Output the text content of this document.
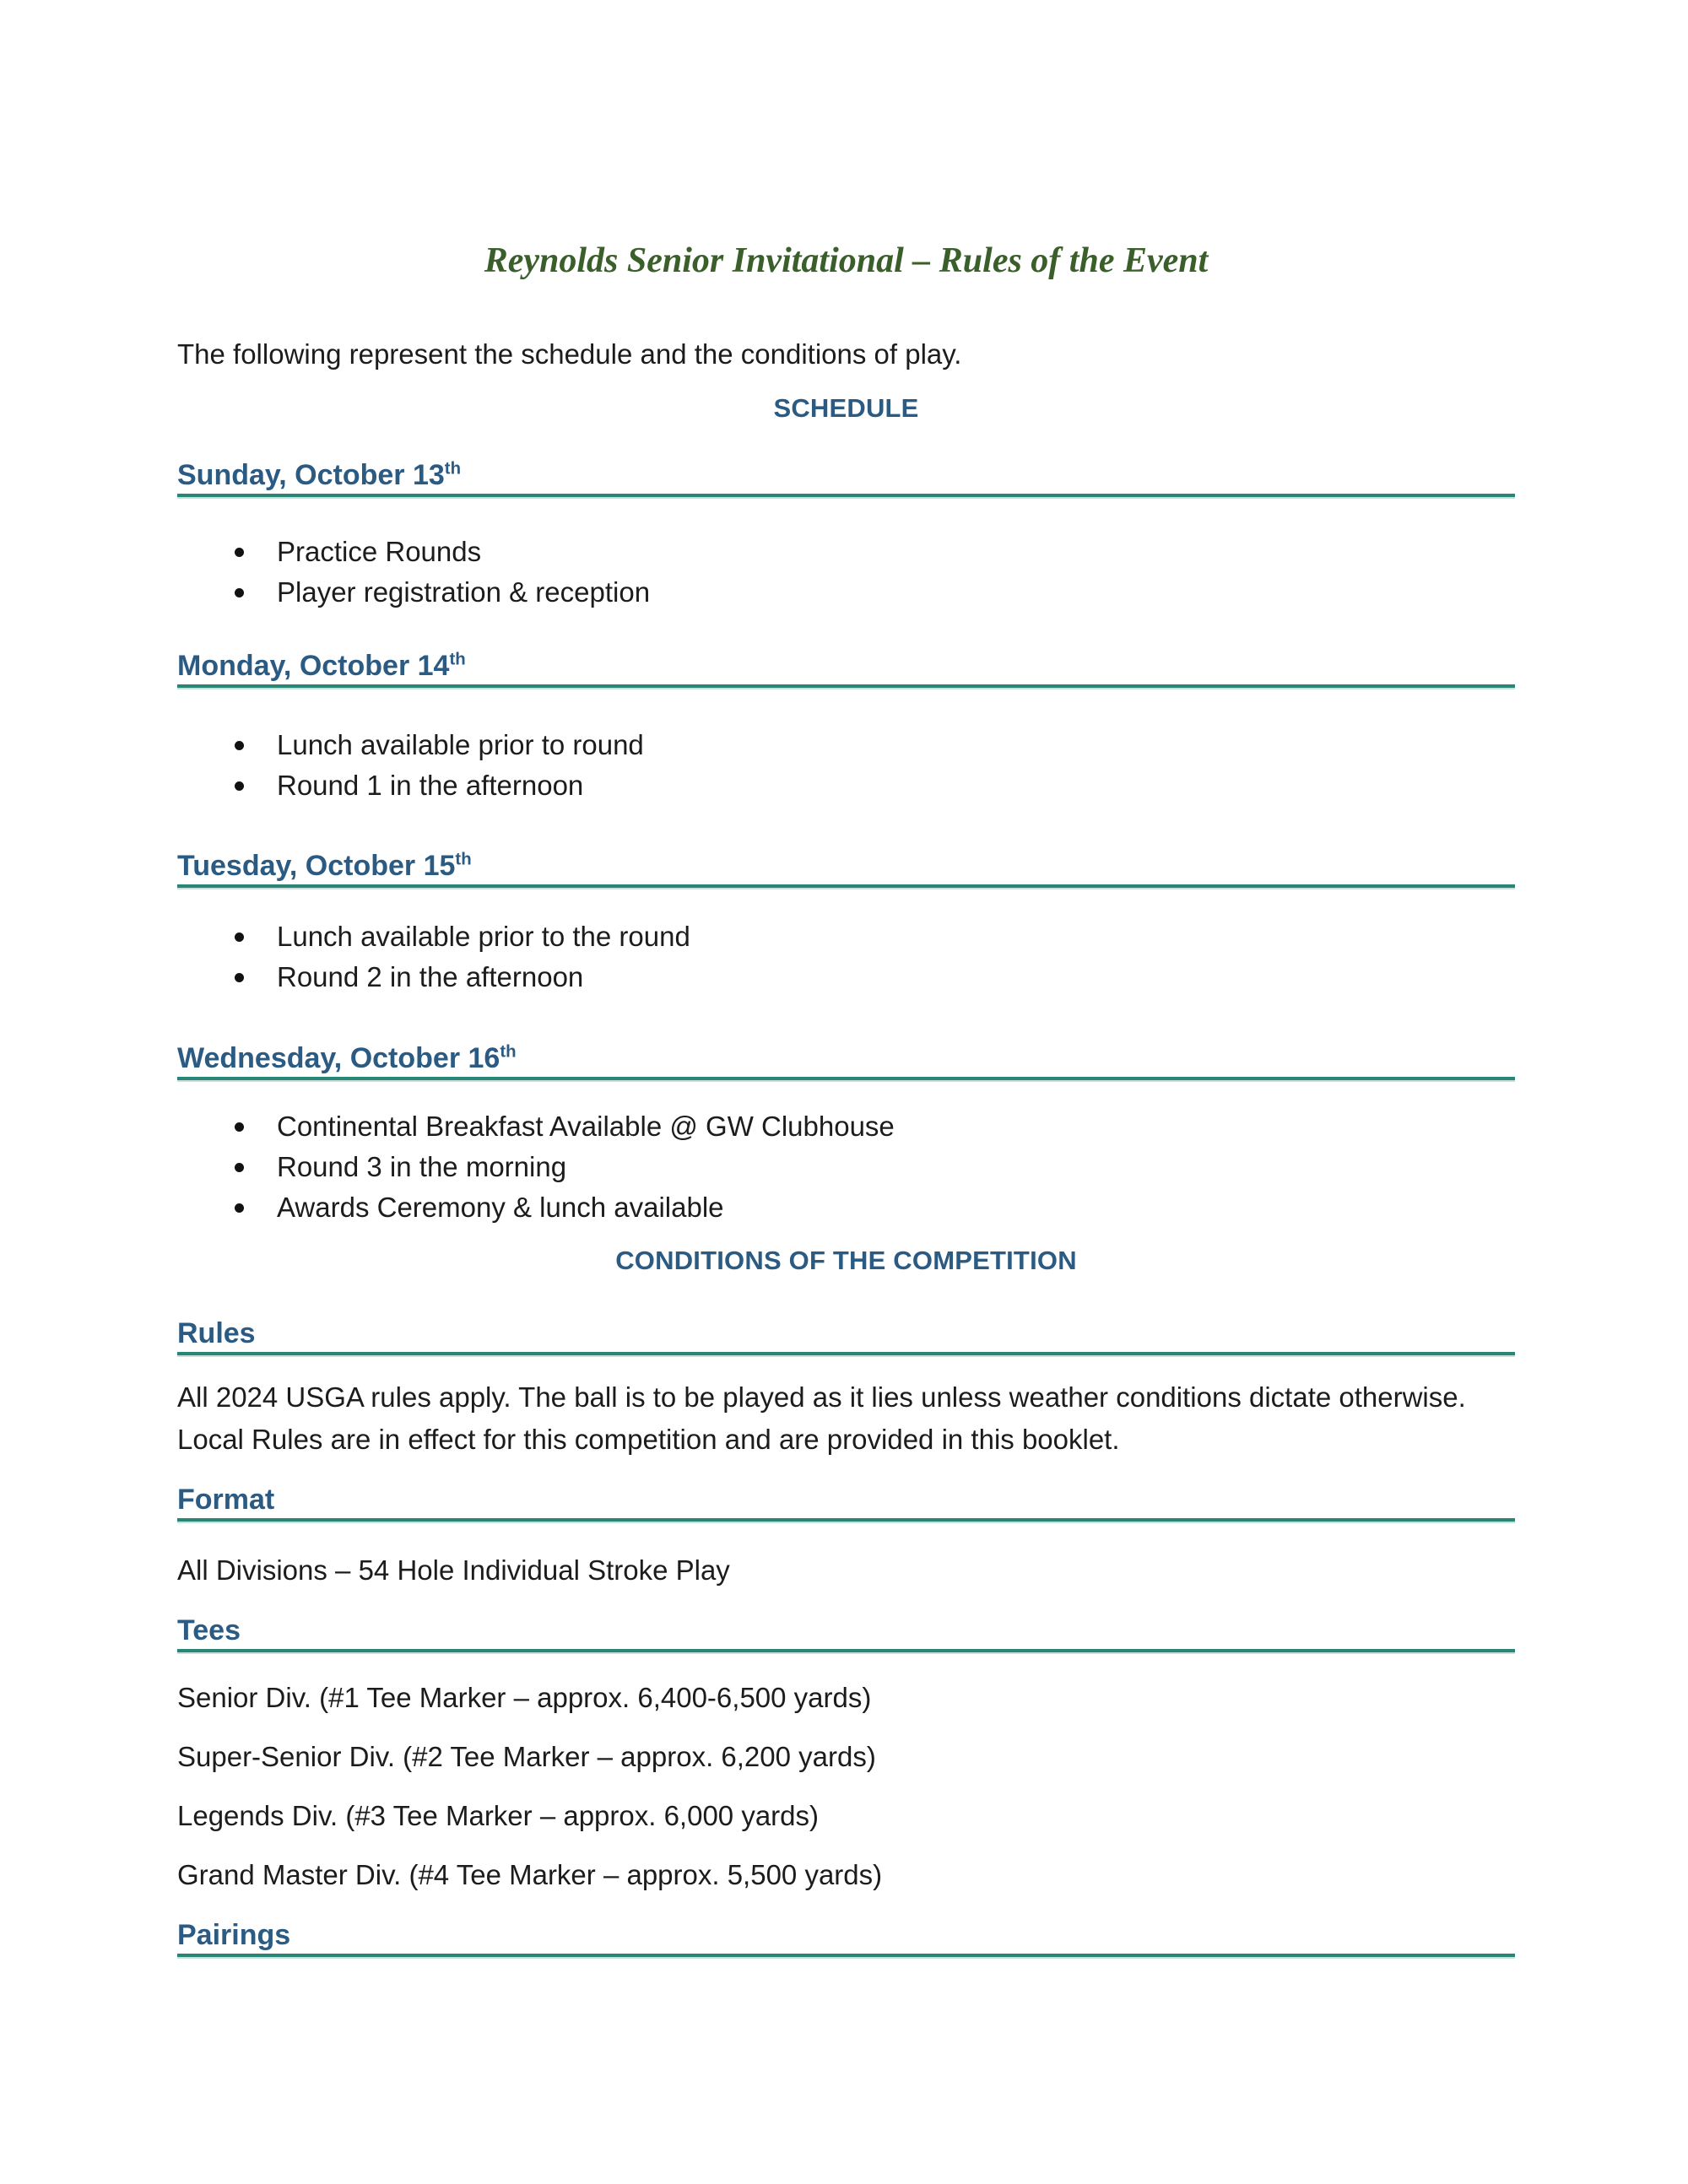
Reynolds Senior Invitational – Rules of the Event
The following represent the schedule and the conditions of play.
SCHEDULE
Sunday, October 13th
Practice Rounds
Player registration & reception
Monday, October 14th
Lunch available prior to round
Round 1 in the afternoon
Tuesday, October 15th
Lunch available prior to the round
Round 2 in the afternoon
Wednesday, October 16th
Continental Breakfast Available @ GW Clubhouse
Round 3 in the morning
Awards Ceremony & lunch available
CONDITIONS OF THE COMPETITION
Rules
All 2024 USGA rules apply. The ball is to be played as it lies unless weather conditions dictate otherwise.
Local Rules are in effect for this competition and are provided in this booklet.
Format
All Divisions – 54 Hole Individual Stroke Play
Tees
Senior Div. (#1 Tee Marker – approx. 6,400-6,500 yards)
Super-Senior Div. (#2 Tee Marker – approx. 6,200 yards)
Legends Div. (#3 Tee Marker – approx. 6,000 yards)
Grand Master Div. (#4 Tee Marker – approx. 5,500 yards)
Pairings
